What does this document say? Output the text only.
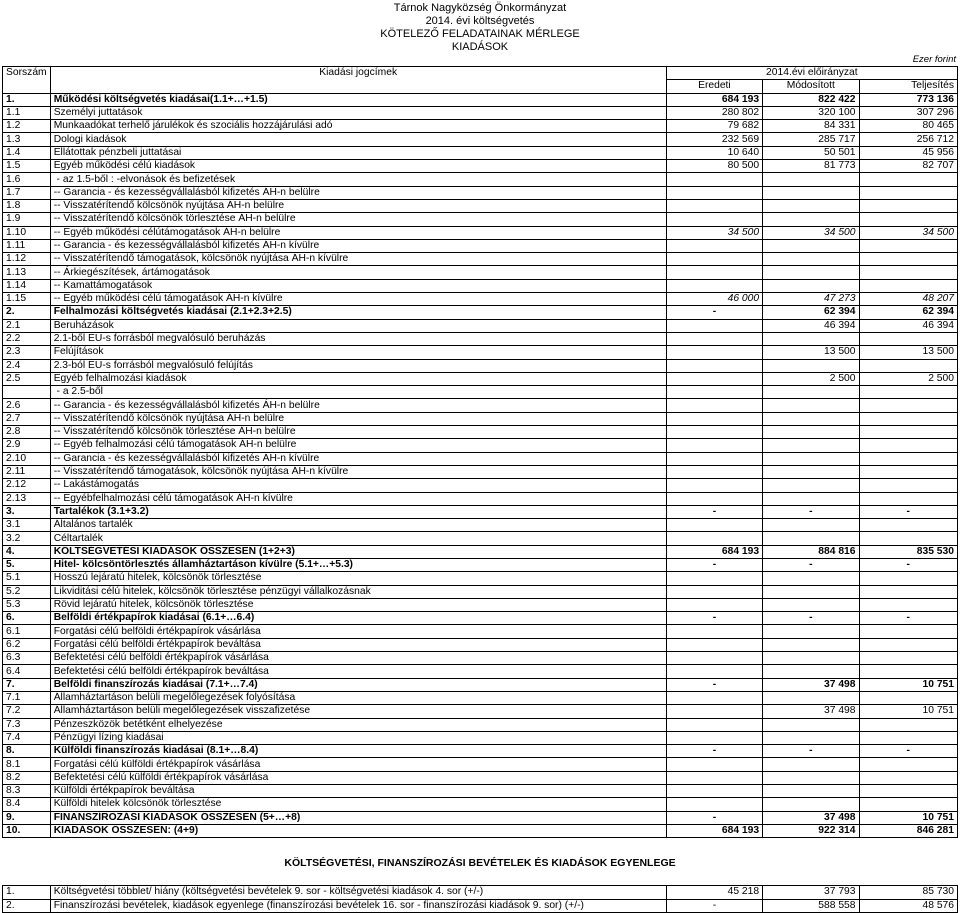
Tárnok Nagyközség Önkormányzat
2014. évi költségvetés
KÖTELEZŐ FELADATAINAK MÉRLEGE
KIADÁSOK
Ezer forint
Sorszám	Kiadási jogcímek	2014.évi előirányzat		
		Eredeti	Módosított	Teljesítés
1.	Működési költségvetés kiadásai(1.1+…+1.5)	684 193	822 422	773 136
1.1	Személyi juttatások	280 802	320 100	307 296
1.2	Munkaadókat terhelő járulékok és szociális hozzájárulási adó	79 682	84 331	80 465
1.3	Dologi kiadások	232 569	285 717	256 712
1.4	Ellátottak pénzbeli juttatásai	10 640	50 501	45 956
1.5	Egyéb működési célú kiadások	80 500	81 773	82 707
1.6	- az 1.5-ből : -elvonások és befizetések			
1.7	-- Garancia - és kezességvállalásból kifizetés ÁH-n belülre			
1.8	-- Visszatérítendő kölcsönök nyújtása ÁH-n belülre			
1.9	-- Visszatérítendő kölcsönök törlesztése ÁH-n belülre			
1.10	-- Egyéb működési célútámogatások ÁH-n belülre	34 500	34 500	34 500
1.11	-- Garancia - és kezességvállalásból kifizetés ÁH-n kívülre			
1.12	-- Visszatérítendő támogatások, kölcsönök nyújtása ÁH-n kívülre			
1.13	-- Árkiegészítések, ártámogatások			
1.14	-- Kamattámogatások			
1.15	-- Egyéb működési célú támogatások ÁH-n kívülre	46 000	47 273	48 207
2.	Felhalmozási költségvetés kiadásai (2.1+2.3+2.5)	-	62 394	62 394
2.1	Beruházások		46 394	46 394
2.2	2.1-ből EU-s forrásból megvalósuló beruházás			
2.3	Felújítások		13 500	13 500
2.4	2.3-ból EU-s forrásból megvalósuló felújítás			
2.5	Egyéb felhalmozási kiadások		2 500	2 500
	- a 2.5-ből			
2.6	-- Garancia - és kezességvállalásból kifizetés ÁH-n belülre			
2.7	-- Visszatérítendő kölcsönök nyújtása ÁH-n belülre			
2.8	-- Visszatérítendő kölcsönök törlesztése ÁH-n belülre			
2.9	-- Egyéb felhalmozási célú támogatások ÁH-n belülre			
2.10	-- Garancia - és kezességvállalásból kifizetés ÁH-n kívülre			
2.11	-- Visszatérítendő támogatások, kölcsönök nyújtása ÁH-n kívülre			
2.12	-- Lakástámogatás			
2.13	-- Egyébfelhalmozási célú támogatások ÁH-n kívülre			
3.	Tartalékok (3.1+3.2)	-	-	-
3.1	Általános tartalék			
3.2	Céltartalék			
4.	KÖLTSÉGVETÉSI KIADÁSOK ÖSSZESEN (1+2+3)	684 193	884 816	835 530
5.	Hitel- kölcsöntörlesztés államháztartáson kívülre (5.1+…+5.3)	-	-	-
5.1	Hosszú lejáratú hitelek, kölcsönök törlesztése			
5.2	Likviditási célú hitelek, kölcsönök törlesztése pénzügyi vállalkozásnak			
5.3	Rövid lejáratú hitelek, kölcsönök törlesztése			
6.	Belföldi értékpapírok kiadásai (6.1+…6.4)	-	-	-
6.1	Forgatási célú belföldi értékpapírok vásárlása			
6.2	Forgatási célú belföldi értékpapírok beváltása			
6.3	Befektetési célú belföldi értékpapírok vásárlása			
6.4	Befektetési célú belföldi értékpapírok beváltása			
7.	Belföldi finanszírozás kiadásai (7.1+…7.4)	-	37 498	10 751
7.1	Államháztartáson belüli megelőlegezések folyósítása			
7.2	Államháztartáson belüli megelőlegezések visszafizetése		37 498	10 751
7.3	Pénzeszközök betétként elhelyezése			
7.4	Pénzügyi lízing kiadásai			
8.	Külföldi finanszírozás kiadásai (8.1+…8.4)	-	-	-
8.1	Forgatási célú külföldi értékpapírok vásárlása			
8.2	Befektetési célú külföldi értékpapírok vásárlása			
8.3	Külföldi értékpapírok beváltása			
8.4	Külföldi hitelek kölcsönök törlesztése			
9.	FINANSZÍROZÁSI KIADÁSOK ÖSSZESEN (5+…+8)	-	37 498	10 751
10.	KIADÁSOK ÖSSZESEN: (4+9)	684 193	922 314	846 281
KÖLTSÉGVETÉSI, FINANSZÍROZÁSI BEVÉTELEK ÉS KIADÁSOK EGYENLEGE
1.	Költségvetési többlet/ hiány (költségvetési bevételek 9. sor - költségvetési kiadások 4. sor (+/-)	45 218	37 793	85 730
2.	Finanszírozási bevételek, kiadások egyenlege (finanszírozási bevételek 16. sor - finanszírozási kiadások 9. sor) (+/-)	-	588 558	48 576
